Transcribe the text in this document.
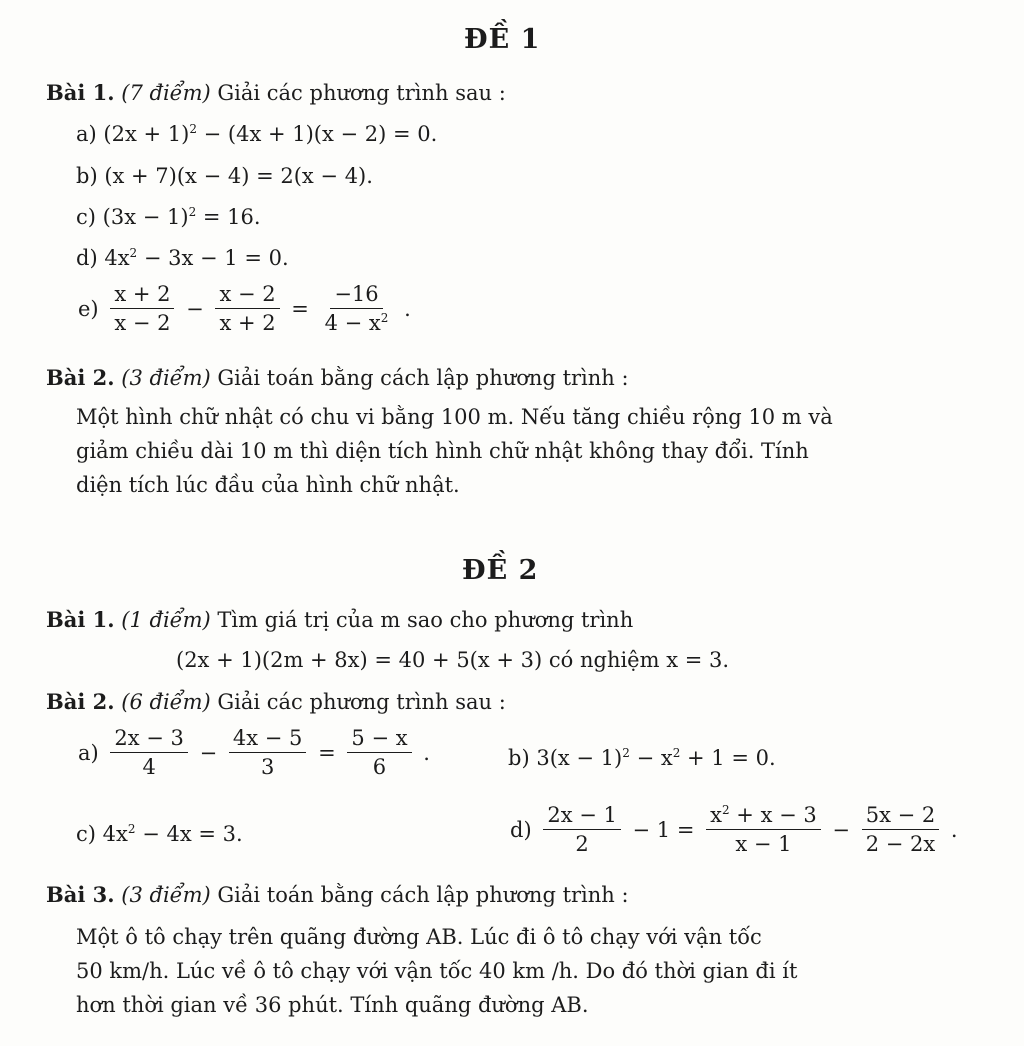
ĐỀ 1
Bài 1. (7 điểm) Giải các phương trình sau :
a) $(2x + 1)^2 - (4x + 1)(x - 2) = 0$.
b) (x + 7)(x − 4) = 2(x − 4).
c) $(3x - 1)^2 = 16$.
d) $4x^2 - 3x - 1 = 0$.
$e) \frac{x + 2}{x - 2} - \frac{x - 2}{x + 2} = \frac{-16}{4 - x^2}$ .
Bài 2. (3 điểm) Giải toán bằng cách lập phương trình :
Một hình chữ nhật có chu vi bằng 100 m. Nếu tăng chiều rộng 10 m và
giảm chiều dài 10 m thì diện tích hình chữ nhật không thay đổi. Tính
diện tích lúc đầu của hình chữ nhật.
ĐỀ 2
Bài 1. (1 điểm) Tìm giá trị của m sao cho phương trình
(2x + 1)(2m + 8x) = 40 + 5(x + 3) có nghiệm x = 3.
Bài 2. (6 điểm) Giải các phương trình sau :
$a) \frac{2x - 3}{4} - \frac{4x - 5}{3} = \frac{5 - x}{6}$ .	b) $3(x - 1)^2 - x^2 + 1 = 0$.
c) $4x^2 - 4x = 3$.	$d) \frac{2x - 1}{2} - 1 = \frac{x^2 + x - 3}{x - 1} - \frac{5x - 2}{2 - 2x}$ .
Bài 3. (3 điểm) Giải toán bằng cách lập phương trình :
Một ô tô chạy trên quãng đường AB. Lúc đi ô tô chạy với vận tốc
50 km/h. Lúc về ô tô chạy với vận tốc 40 km /h. Do đó thời gian đi ít
hơn thời gian về 36 phút. Tính quãng đường AB.
